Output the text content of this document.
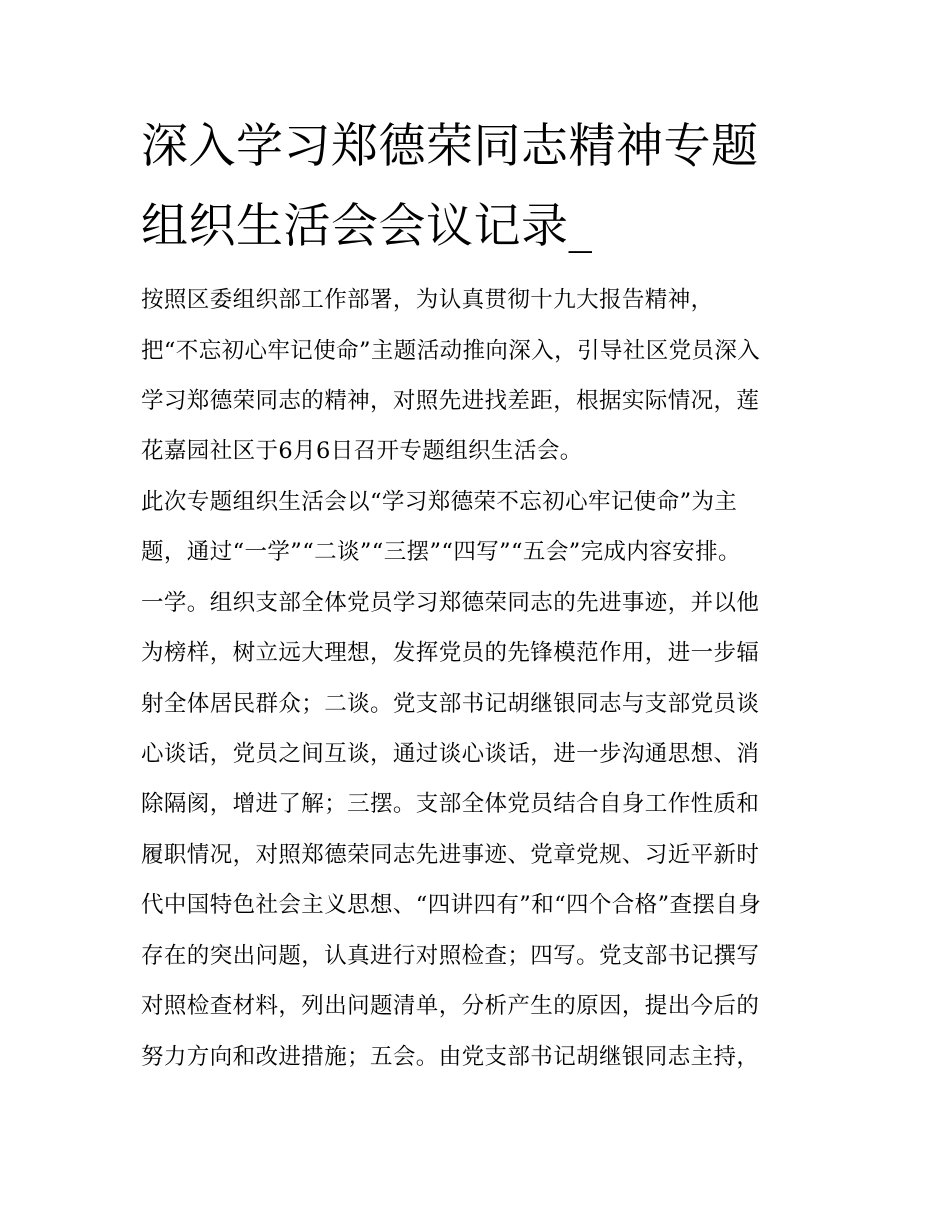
深入学习郑德荣同志精神专题
组织生活会会议记录_
按照区委组织部工作部署，为认真贯彻十九大报告精神，
把“不忘初心牢记使命”主题活动推向深入，引导社区党员深入
学习郑德荣同志的精神，对照先进找差距，根据实际情况，莲
花嘉园社区于6月6日召开专题组织生活会。
此次专题组织生活会以“学习郑德荣不忘初心牢记使命”为主
题，通过“一学”“二谈”“三摆”“四写”“五会”完成内容安排。
一学。组织支部全体党员学习郑德荣同志的先进事迹，并以他
为榜样，树立远大理想，发挥党员的先锋模范作用，进一步辐
射全体居民群众；二谈。党支部书记胡继银同志与支部党员谈
心谈话，党员之间互谈，通过谈心谈话，进一步沟通思想、消
除隔阂，增进了解；三摆。支部全体党员结合自身工作性质和
履职情况，对照郑德荣同志先进事迹、党章党规、习近平新时
代中国特色社会主义思想、“四讲四有”和“四个合格”查摆自身
存在的突出问题，认真进行对照检查；四写。党支部书记撰写
对照检查材料，列出问题清单，分析产生的原因，提出今后的
努力方向和改进措施；五会。由党支部书记胡继银同志主持，
